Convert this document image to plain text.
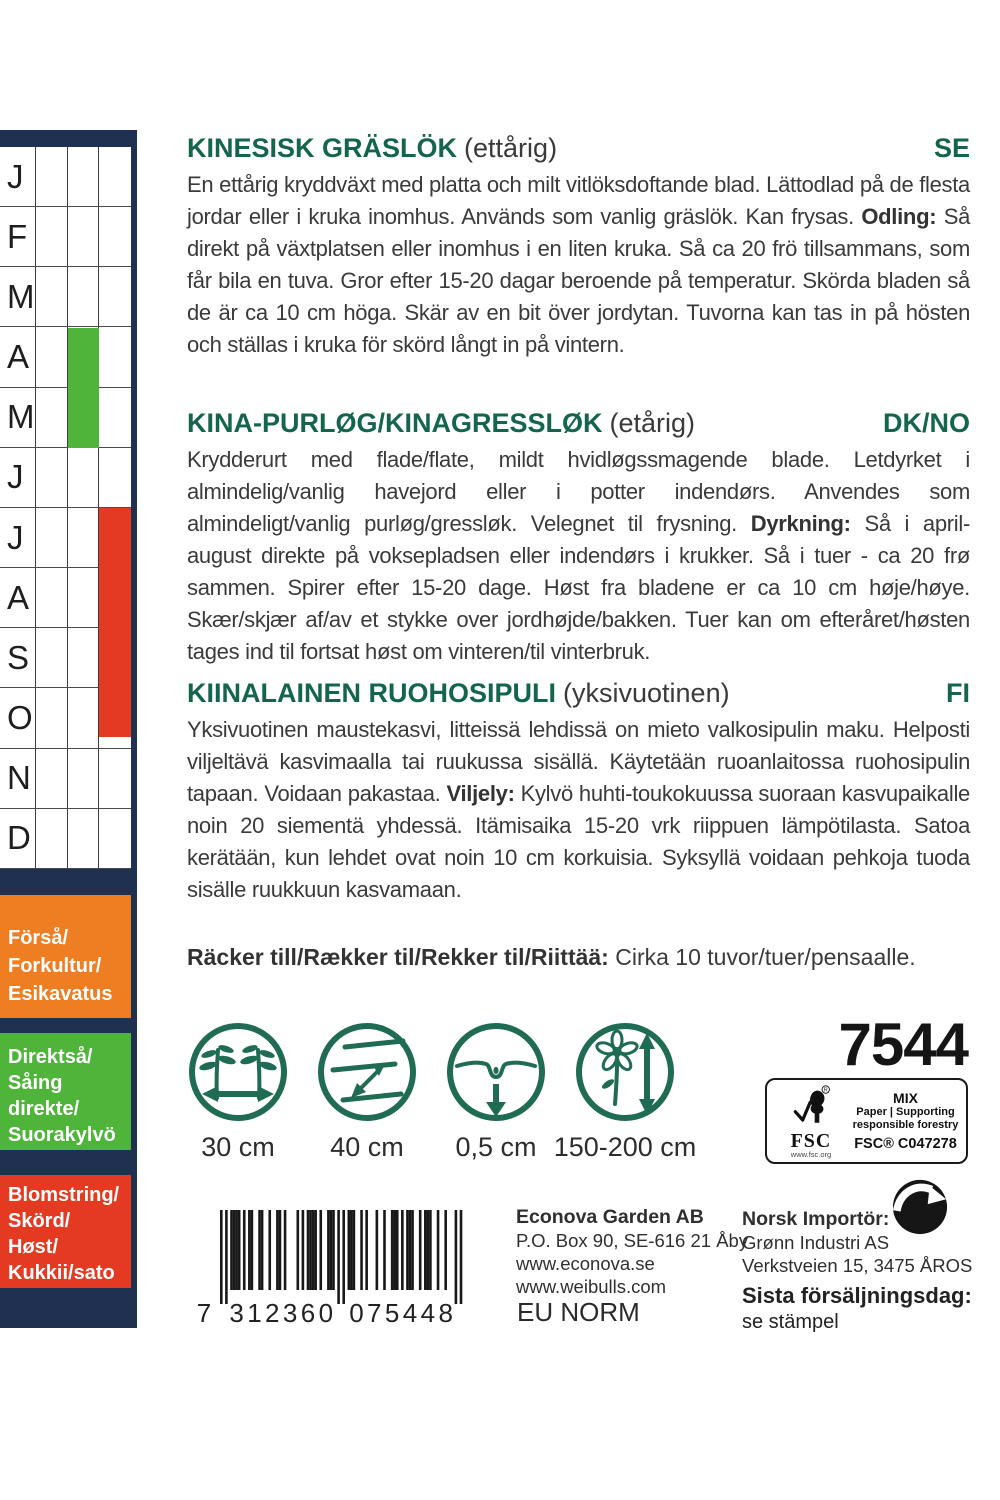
J
F
M
A
M
J
J
A
S
O
N
D
Förså/
Forkultur/
Esikavatus
Direktså/
Såing
direkte/
Suorakylvö
Blomstring/
Skörd/
Høst/
Kukkii/sato
KINESISK GRÄSLÖK (ettårig)	SE
En ettårig kryddväxt med platta och milt vitlöksdoftande blad. Lättodlad på de flesta jordar eller i kruka inomhus. Används som vanlig gräslök. Kan frysas. Odling: Så direkt på växtplatsen eller inomhus i en liten kruka. Så ca 20 frö tillsammans, som får bila en tuva. Gror efter 15-20 dagar beroende på temperatur. Skörda bladen så de är ca 10 cm höga. Skär av en bit över jordytan. Tuvorna kan tas in på hösten och ställas i kruka för skörd långt in på vintern.
KINA-PURLØG/KINAGRESSLØK (etårig)	DK/NO
Krydderurt med flade/flate, mildt hvidløgssmagende blade. Letdyrket i almindelig/vanlig havejord eller i potter indendørs. Anvendes som almindeligt/vanlig purløg/gressløk. Velegnet til frysning. Dyrkning: Så i april-august direkte på voksepladsen eller indendørs i krukker. Så i tuer - ca 20 frø sammen. Spirer efter 15-20 dage. Høst fra bladene er ca 10 cm høje/høye. Skær/skjær af/av et stykke over jordhøjde/bakken. Tuer kan om efteråret/høsten tages ind til fortsat høst om vinteren/til vinterbruk.
KIINALAINEN RUOHOSIPULI (yksivuotinen)	FI
Yksivuotinen maustekasvi, litteissä lehdissä on mieto valkosipulin maku. Helposti viljeltävä kasvimaalla tai ruukussa sisällä. Käytetään ruoanlaitossa ruohosipulin tapaan. Voidaan pakastaa. Viljely: Kylvö huhti-toukokuussa suoraan kasvupaikalle noin 20 siementä yhdessä. Itämisaika 15-20 vrk riippuen lämpötilasta. Satoa kerätään, kun lehdet ovat noin 10 cm korkuisia. Syksyllä voidaan pehkoja tuoda sisälle ruukkuun kasvamaan.
Räcker till/Rækker til/Rekker til/Riittää: Cirka 10 tuvor/tuer/pensaalle.
30 cm 40 cm 0,5 cm 150-200 cm
7544
R
FSC
www.fsc.org
MIX
Paper | Supporting
responsible forestry
FSC® C047278
7 3 1 2 3 6 0 0 7 5 4 4 8
Econova Garden AB
P.O. Box 90, SE-616 21 Åby
www.econova.se
www.weibulls.com
EU NORM
Norsk Importör:
Grønn Industri AS
Verkstveien 15, 3475 ÅROS
Sista försäljningsdag:
se stämpel
